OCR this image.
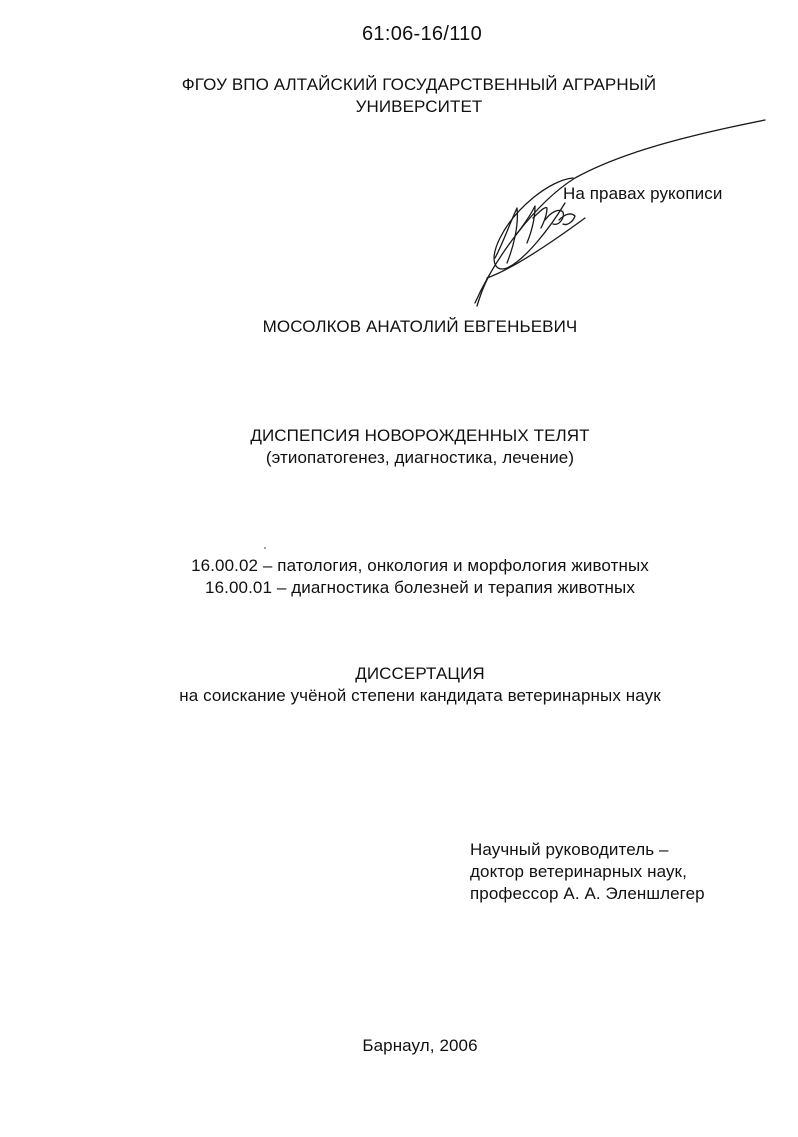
61:06-16/110
ФГОУ ВПО АЛТАЙСКИЙ ГОСУДАРСТВЕННЫЙ АГРАРНЫЙ
УНИВЕРСИТЕТ
На правах рукописи
МОСОЛКОВ АНАТОЛИЙ ЕВГЕНЬЕВИЧ
ДИСПЕПСИЯ НОВОРОЖДЕННЫХ ТЕЛЯТ
(этиопатогенез, диагностика, лечение)
16.00.02 – патология, онкология и морфология животных
16.00.01 – диагностика болезней и терапия животных
ДИССЕРТАЦИЯ
на соискание учёной степени кандидата ветеринарных наук
Научный руководитель –
доктор ветеринарных наук,
профессор А. А. Эленшлегер
Барнаул, 2006
